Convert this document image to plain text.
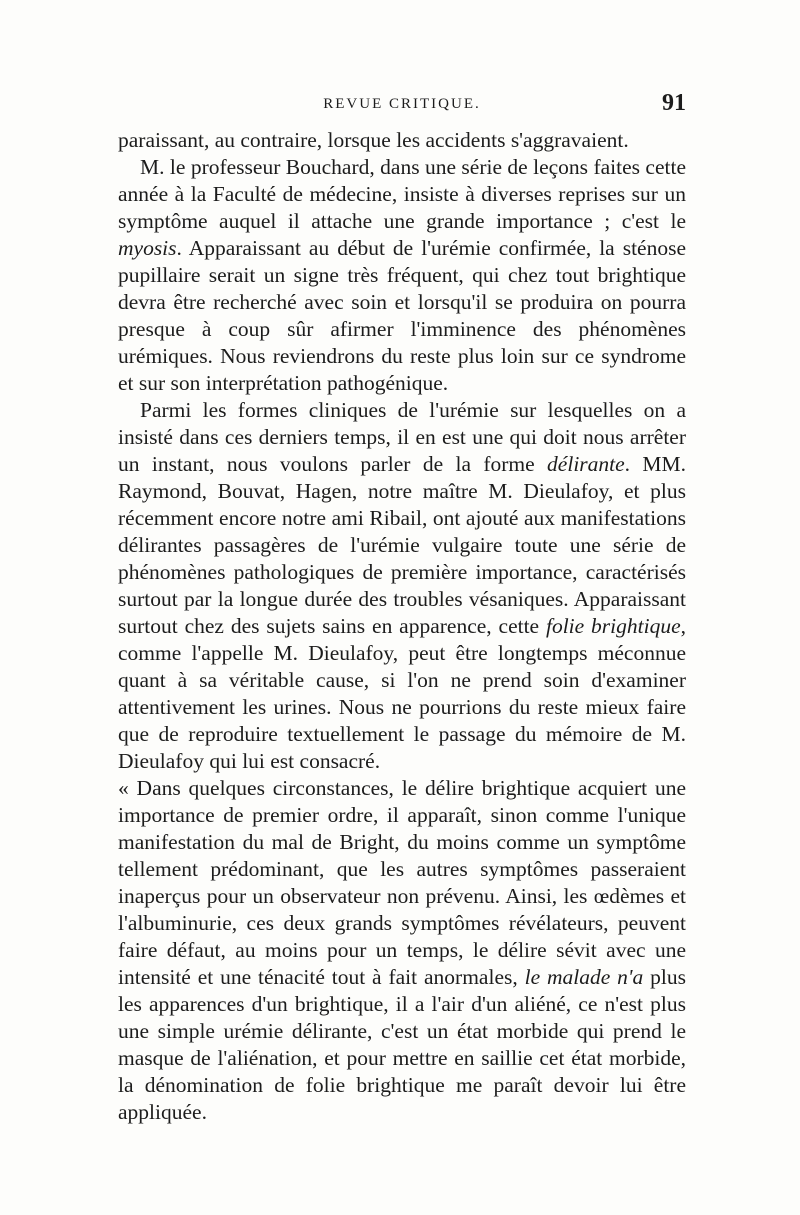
REVUE CRITIQUE.	91

paraissant, au contraire, lorsque les accidents s'aggravaient.

M. le professeur Bouchard, dans une série de leçons faites cette année à la Faculté de médecine, insiste à diverses reprises sur un symptôme auquel il attache une grande importance ; c'est le myosis. Apparaissant au début de l'urémie confirmée, la sténose pupillaire serait un signe très fréquent, qui chez tout brightique devra être recherché avec soin et lorsqu'il se produira on pourra presque à coup sûr afirmer l'imminence des phénomènes urémiques. Nous reviendrons du reste plus loin sur ce syndrome et sur son interprétation pathogénique.

Parmi les formes cliniques de l'urémie sur lesquelles on a insisté dans ces derniers temps, il en est une qui doit nous arrêter un instant, nous voulons parler de la forme délirante. MM. Raymond, Bouvat, Hagen, notre maître M. Dieulafoy, et plus récemment encore notre ami Ribail, ont ajouté aux manifestations délirantes passagères de l'urémie vulgaire toute une série de phénomènes pathologiques de première importance, caractérisés surtout par la longue durée des troubles vésaniques. Apparaissant surtout chez des sujets sains en apparence, cette folie brightique, comme l'appelle M. Dieulafoy, peut être longtemps méconnue quant à sa véritable cause, si l'on ne prend soin d'examiner attentivement les urines. Nous ne pourrions du reste mieux faire que de reproduire textuellement le passage du mémoire de M. Dieulafoy qui lui est consacré.

« Dans quelques circonstances, le délire brightique acquiert une importance de premier ordre, il apparaît, sinon comme l'unique manifestation du mal de Bright, du moins comme un symptôme tellement prédominant, que les autres symptômes passeraient inaperçus pour un observateur non prévenu. Ainsi, les œdèmes et l'albuminurie, ces deux grands symptômes révélateurs, peuvent faire défaut, au moins pour un temps, le délire sévit avec une intensité et une ténacité tout à fait anormales, le malade n'a plus les apparences d'un brightique, il a l'air d'un aliéné, ce n'est plus une simple urémie délirante, c'est un état morbide qui prend le masque de l'aliénation, et pour mettre en saillie cet état morbide, la dénomination de folie brightique me paraît devoir lui être appliquée.
